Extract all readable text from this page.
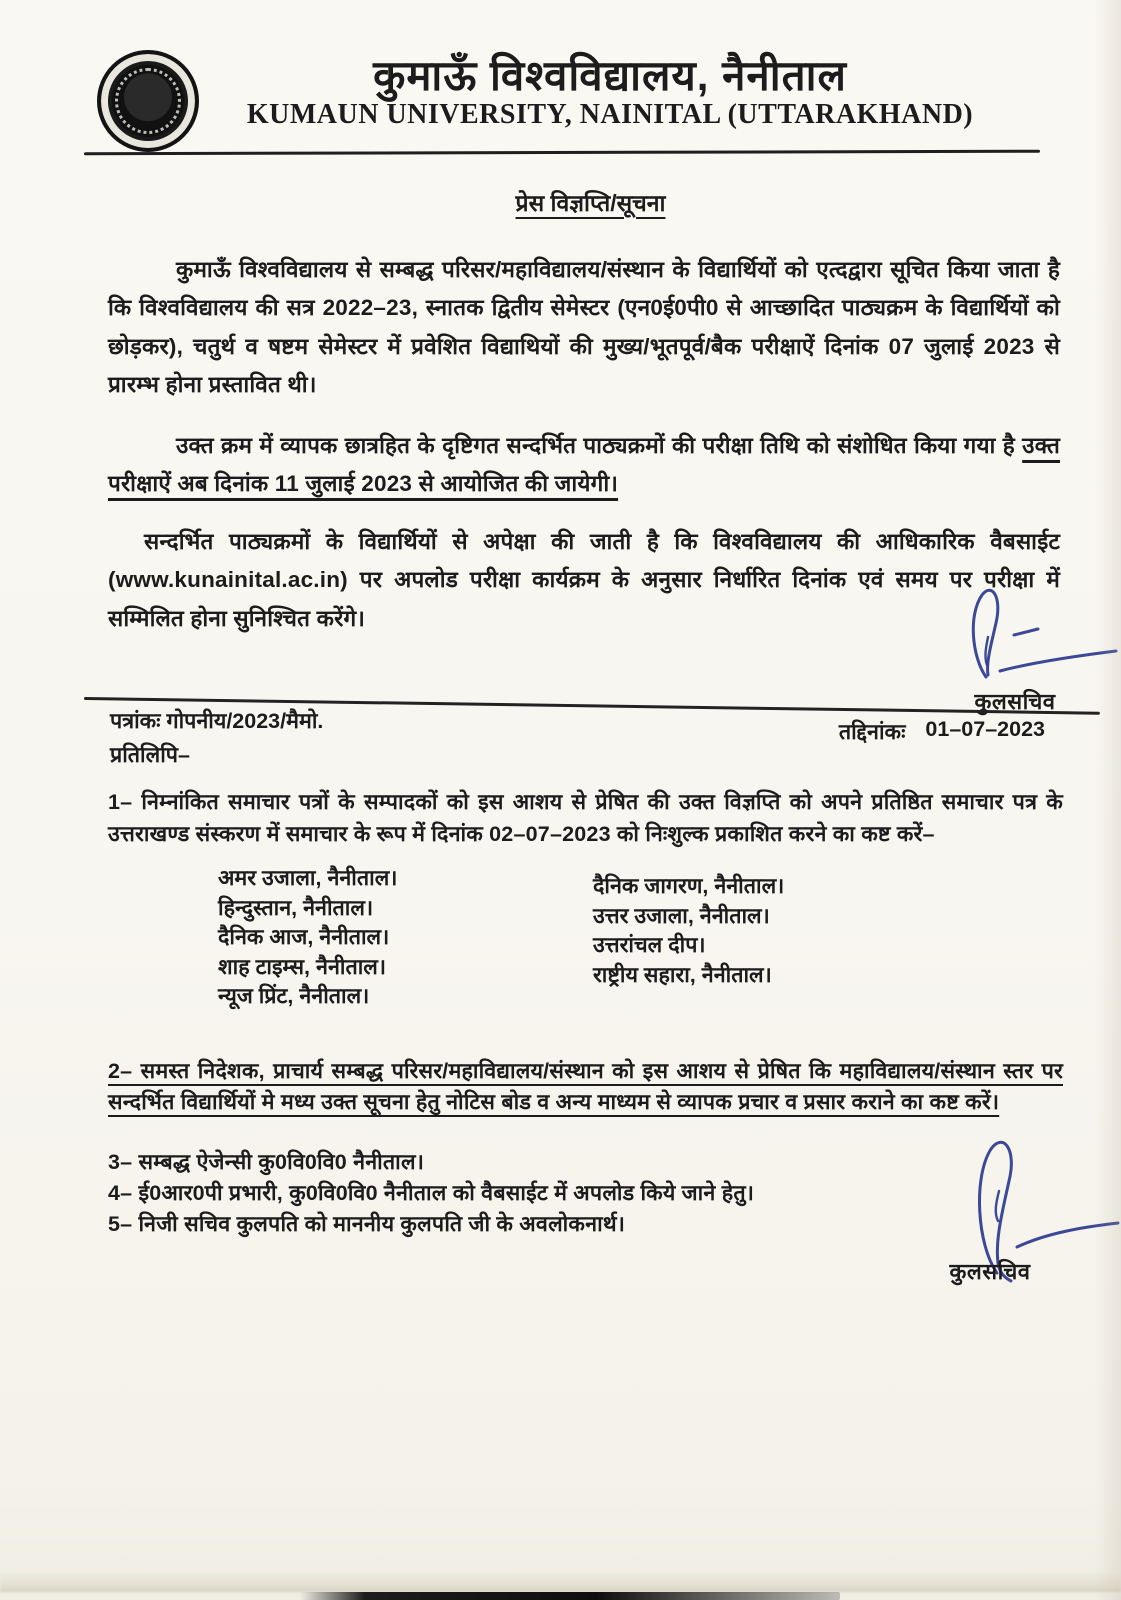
कुमाऊँ विश्वविद्यालय, नैनीताल
KUMAUN UNIVERSITY, NAINITAL (UTTARAKHAND)
प्रेस विज्ञप्ति/सूचना

कुमाऊँ विश्वविद्यालय से सम्बद्ध परिसर/महाविद्यालय/संस्थान के विद्यार्थियों को एत्दद्वारा सूचित किया जाता है कि विश्वविद्यालय की सत्र 2022–23, स्नातक द्वितीय सेमेस्टर (एन0ई0पी0 से आच्छादित पाठ्यक्रम के विद्यार्थियों को छोड़कर), चतुर्थ व षष्टम सेमेस्टर में प्रवेशित विद्याथियों की मुख्य/भूतपूर्व/बैक परीक्षाऐं दिनांक 07 जुलाई 2023 से प्रारम्भ होना प्रस्तावित थी।

उक्त क्रम में व्यापक छात्रहित के दृष्टिगत सन्दर्भित पाठ्यक्रमों की परीक्षा तिथि को संशोधित किया गया है उक्त परीक्षाऐं अब दिनांक 11 जुलाई 2023 से आयोजित की जायेगी।

सन्दर्भित पाठ्यक्रमों के विद्यार्थियों से अपेक्षा की जाती है कि विश्वविद्यालय की आधिकारिक वैबसाईट (www.kunainital.ac.in) पर अपलोड परीक्षा कार्यक्रम के अनुसार निर्धारित दिनांक एवं समय पर परीक्षा में सम्मिलित होना सुनिश्चित करेंगे।

कुलसचिव
पत्रांकः गोपनीय/2023/मैमो.	तद्दिनांकः 01–07–2023
प्रतिलिपि–

1– निम्नांकित समाचार पत्रों के सम्पादकों को इस आशय से प्रेषित की उक्त विज्ञप्ति को अपने प्रतिष्ठित समाचार पत्र के उत्तराखण्ड संस्करण में समाचार के रूप में दिनांक 02–07–2023 को निःशुल्क प्रकाशित करने का कष्ट करें–

अमर उजाला, नैनीताल।
हिन्दुस्तान, नैनीताल।
दैनिक आज, नैनीताल।
शाह टाइम्स, नैनीताल।
न्यूज प्रिंट, नैनीताल।
दैनिक जागरण, नैनीताल।
उत्तर उजाला, नैनीताल।
उत्तरांचल दीप।
राष्ट्रीय सहारा, नैनीताल।

2– समस्त निदेशक, प्राचार्य सम्बद्ध परिसर/महाविद्यालय/संस्थान को इस आशय से प्रेषित कि महाविद्यालय/संस्थान स्तर पर सन्दर्भित विद्यार्थियों मे मध्य उक्त सूचना हेतु नोटिस बोड व अन्य माध्यम से व्यापक प्रचार व प्रसार कराने का कष्ट करें।

3– सम्बद्ध ऐजेन्सी कु0वि0वि0 नैनीताल।

4– ई0आर0पी प्रभारी, कु0वि0वि0 नैनीताल को वैबसाईट में अपलोड किये जाने हेतु।

5– निजी सचिव कुलपति को माननीय कुलपति जी के अवलोकनार्थ।

कुलसचिव
